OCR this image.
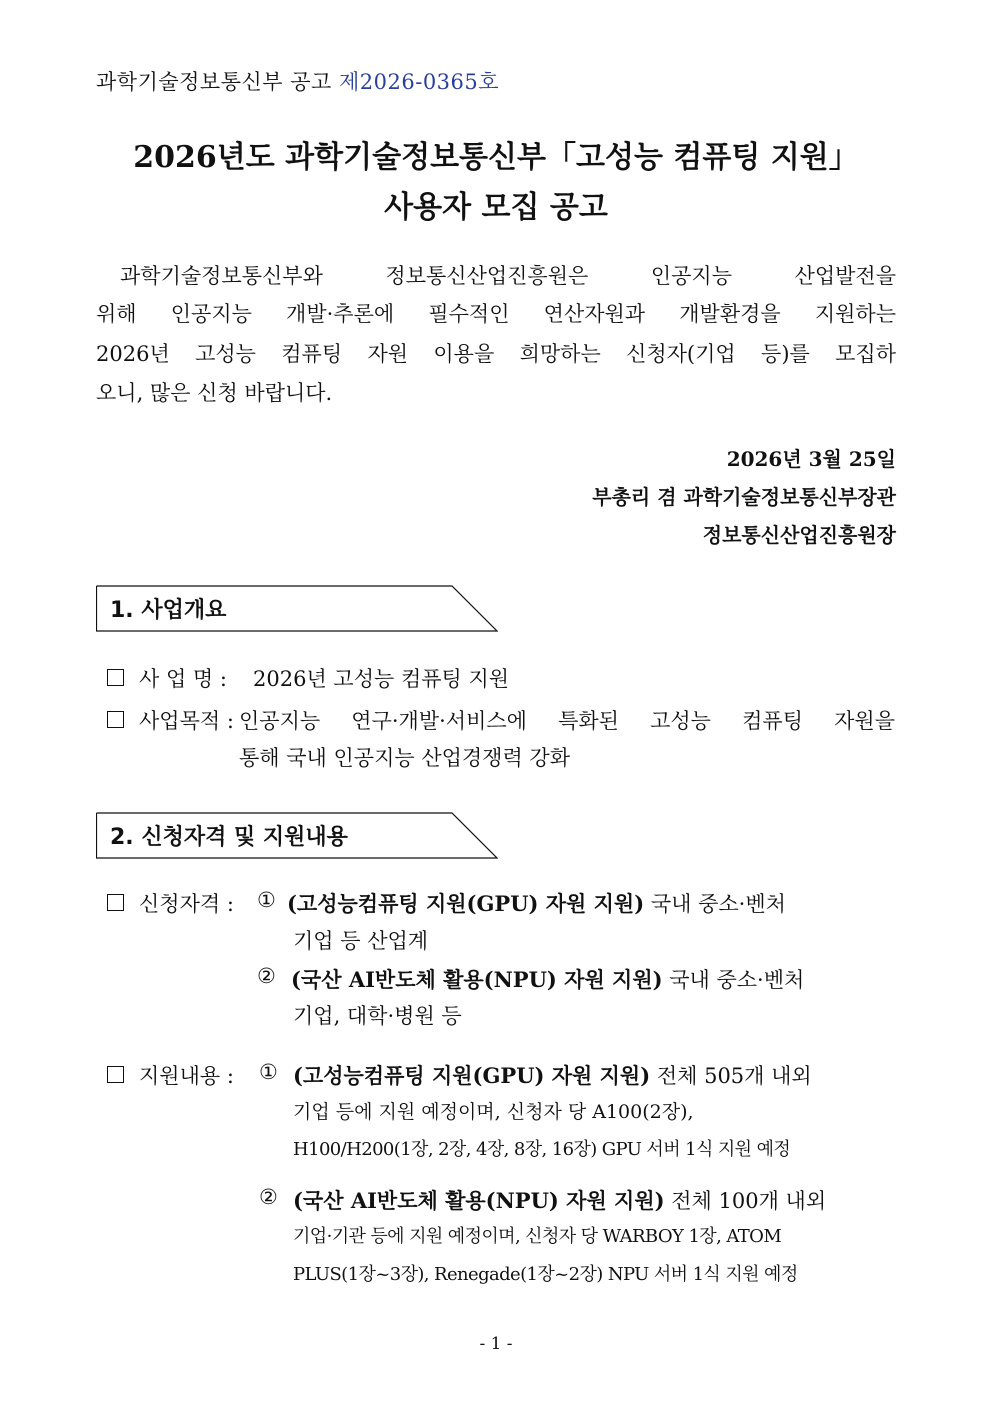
과학기술정보통신부 공고 제2026-0365호
2026년도 과학기술정보통신부「고성능 컴퓨팅 지원」
사용자 모집 공고
과학기술정보통신부와 정보통신산업진흥원은 인공지능 산업발전을
위해 인공지능 개발·추론에 필수적인 연산자원과 개발환경을 지원하는
2026년 고성능 컴퓨팅 자원 이용을 희망하는 신청자(기업 등)를 모집하
오니, 많은 신청 바랍니다.
2026년 3월 25일
부총리 겸 과학기술정보통신부장관
정보통신산업진흥원장
1. 사업개요
사 업 명 : 2026년 고성능 컴퓨팅 지원
사업목적 : 인공지능 연구·개발·서비스에 특화된 고성능 컴퓨팅 자원을
통해 국내 인공지능 산업경쟁력 강화
2. 신청자격 및 지원내용
신청자격 : ① (고성능컴퓨팅 지원(GPU) 자원 지원) 국내 중소·벤처
기업 등 산업계
② (국산 AI반도체 활용(NPU) 자원 지원) 국내 중소·벤처
기업, 대학·병원 등
지원내용 : ① (고성능컴퓨팅 지원(GPU) 자원 지원) 전체 505개 내외
기업 등에 지원 예정이며, 신청자 당 A100(2장),
H100/H200(1장, 2장, 4장, 8장, 16장) GPU 서버 1식 지원 예정
② (국산 AI반도체 활용(NPU) 자원 지원) 전체 100개 내외
기업·기관 등에 지원 예정이며, 신청자 당 WARBOY 1장, ATOM
PLUS(1장~3장), Renegade(1장~2장) NPU 서버 1식 지원 예정
- 1 -
